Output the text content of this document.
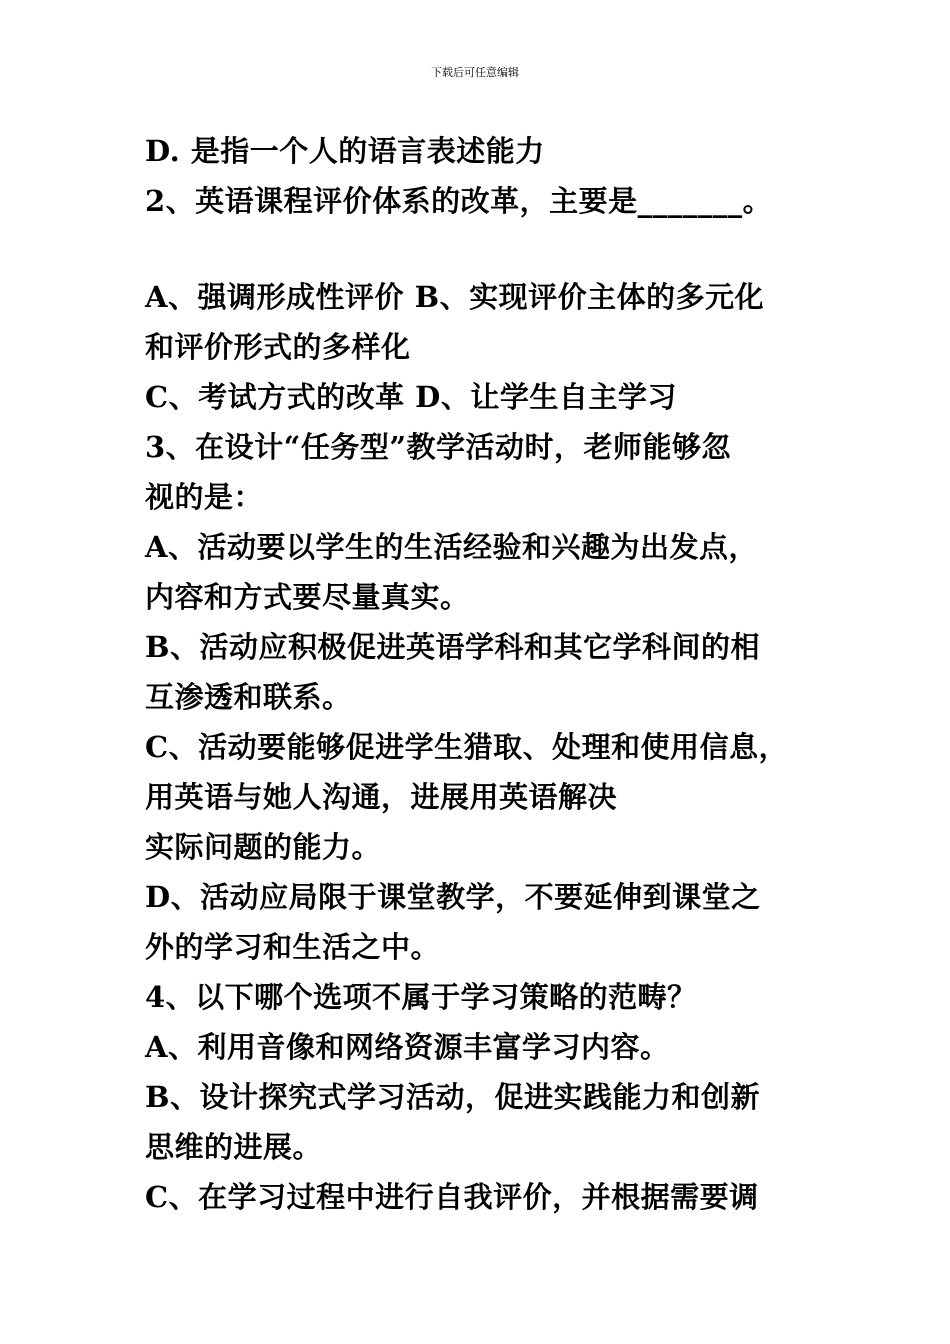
下载后可任意编辑
D. 是指一个人的语言表述能力
2、英语课程评价体系的改革，主要是_______。
A、强调形成性评价 B、实现评价主体的多元化
和评价形式的多样化
C、考试方式的改革 D、让学生自主学习
3、在设计“任务型”教学活动时，老师能够忽
视的是：
A、活动要以学生的生活经验和兴趣为出发点，
内容和方式要尽量真实。
B、活动应积极促进英语学科和其它学科间的相
互渗透和联系。
C、活动要能够促进学生猎取、处理和使用信息，
用英语与她人沟通，进展用英语解决
实际问题的能力。
D、活动应局限于课堂教学，不要延伸到课堂之
外的学习和生活之中。
4、以下哪个选项不属于学习策略的范畴？
A、利用音像和网络资源丰富学习内容。
B、设计探究式学习活动，促进实践能力和创新
思维的进展。
C、在学习过程中进行自我评价，并根据需要调
